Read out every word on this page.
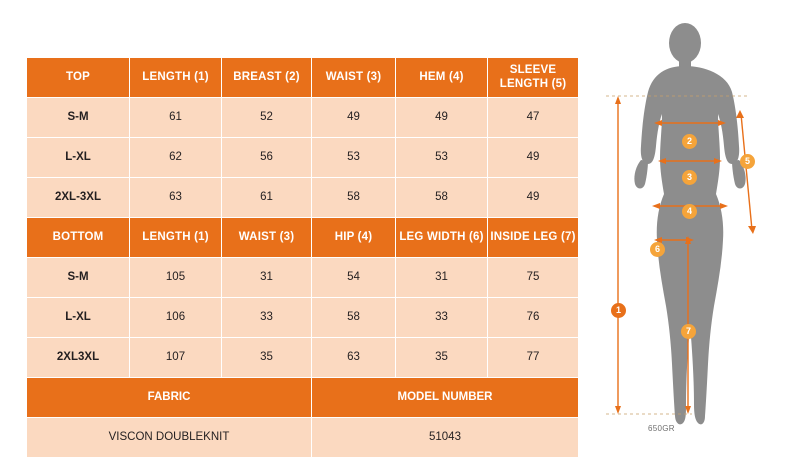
TOP	LENGTH (1)	BREAST (2)	WAIST (3)	HEM (4)	SLEEVE LENGTH (5)
S-M	61	52	49	49	47
L-XL	62	56	53	53	49
2XL-3XL	63	61	58	58	49
BOTTOM	LENGTH (1)	WAIST (3)	HIP (4)	LEG WIDTH (6)	INSIDE LEG (7)
S-M	105	31	54	31	75
L-XL	106	33	58	33	76
2XL3XL	107	35	63	35	77
FABRIC			MODEL NUMBER		
VISCON DOUBLEKNIT			51043		
1
2
3
4
5
6
7
650GR
